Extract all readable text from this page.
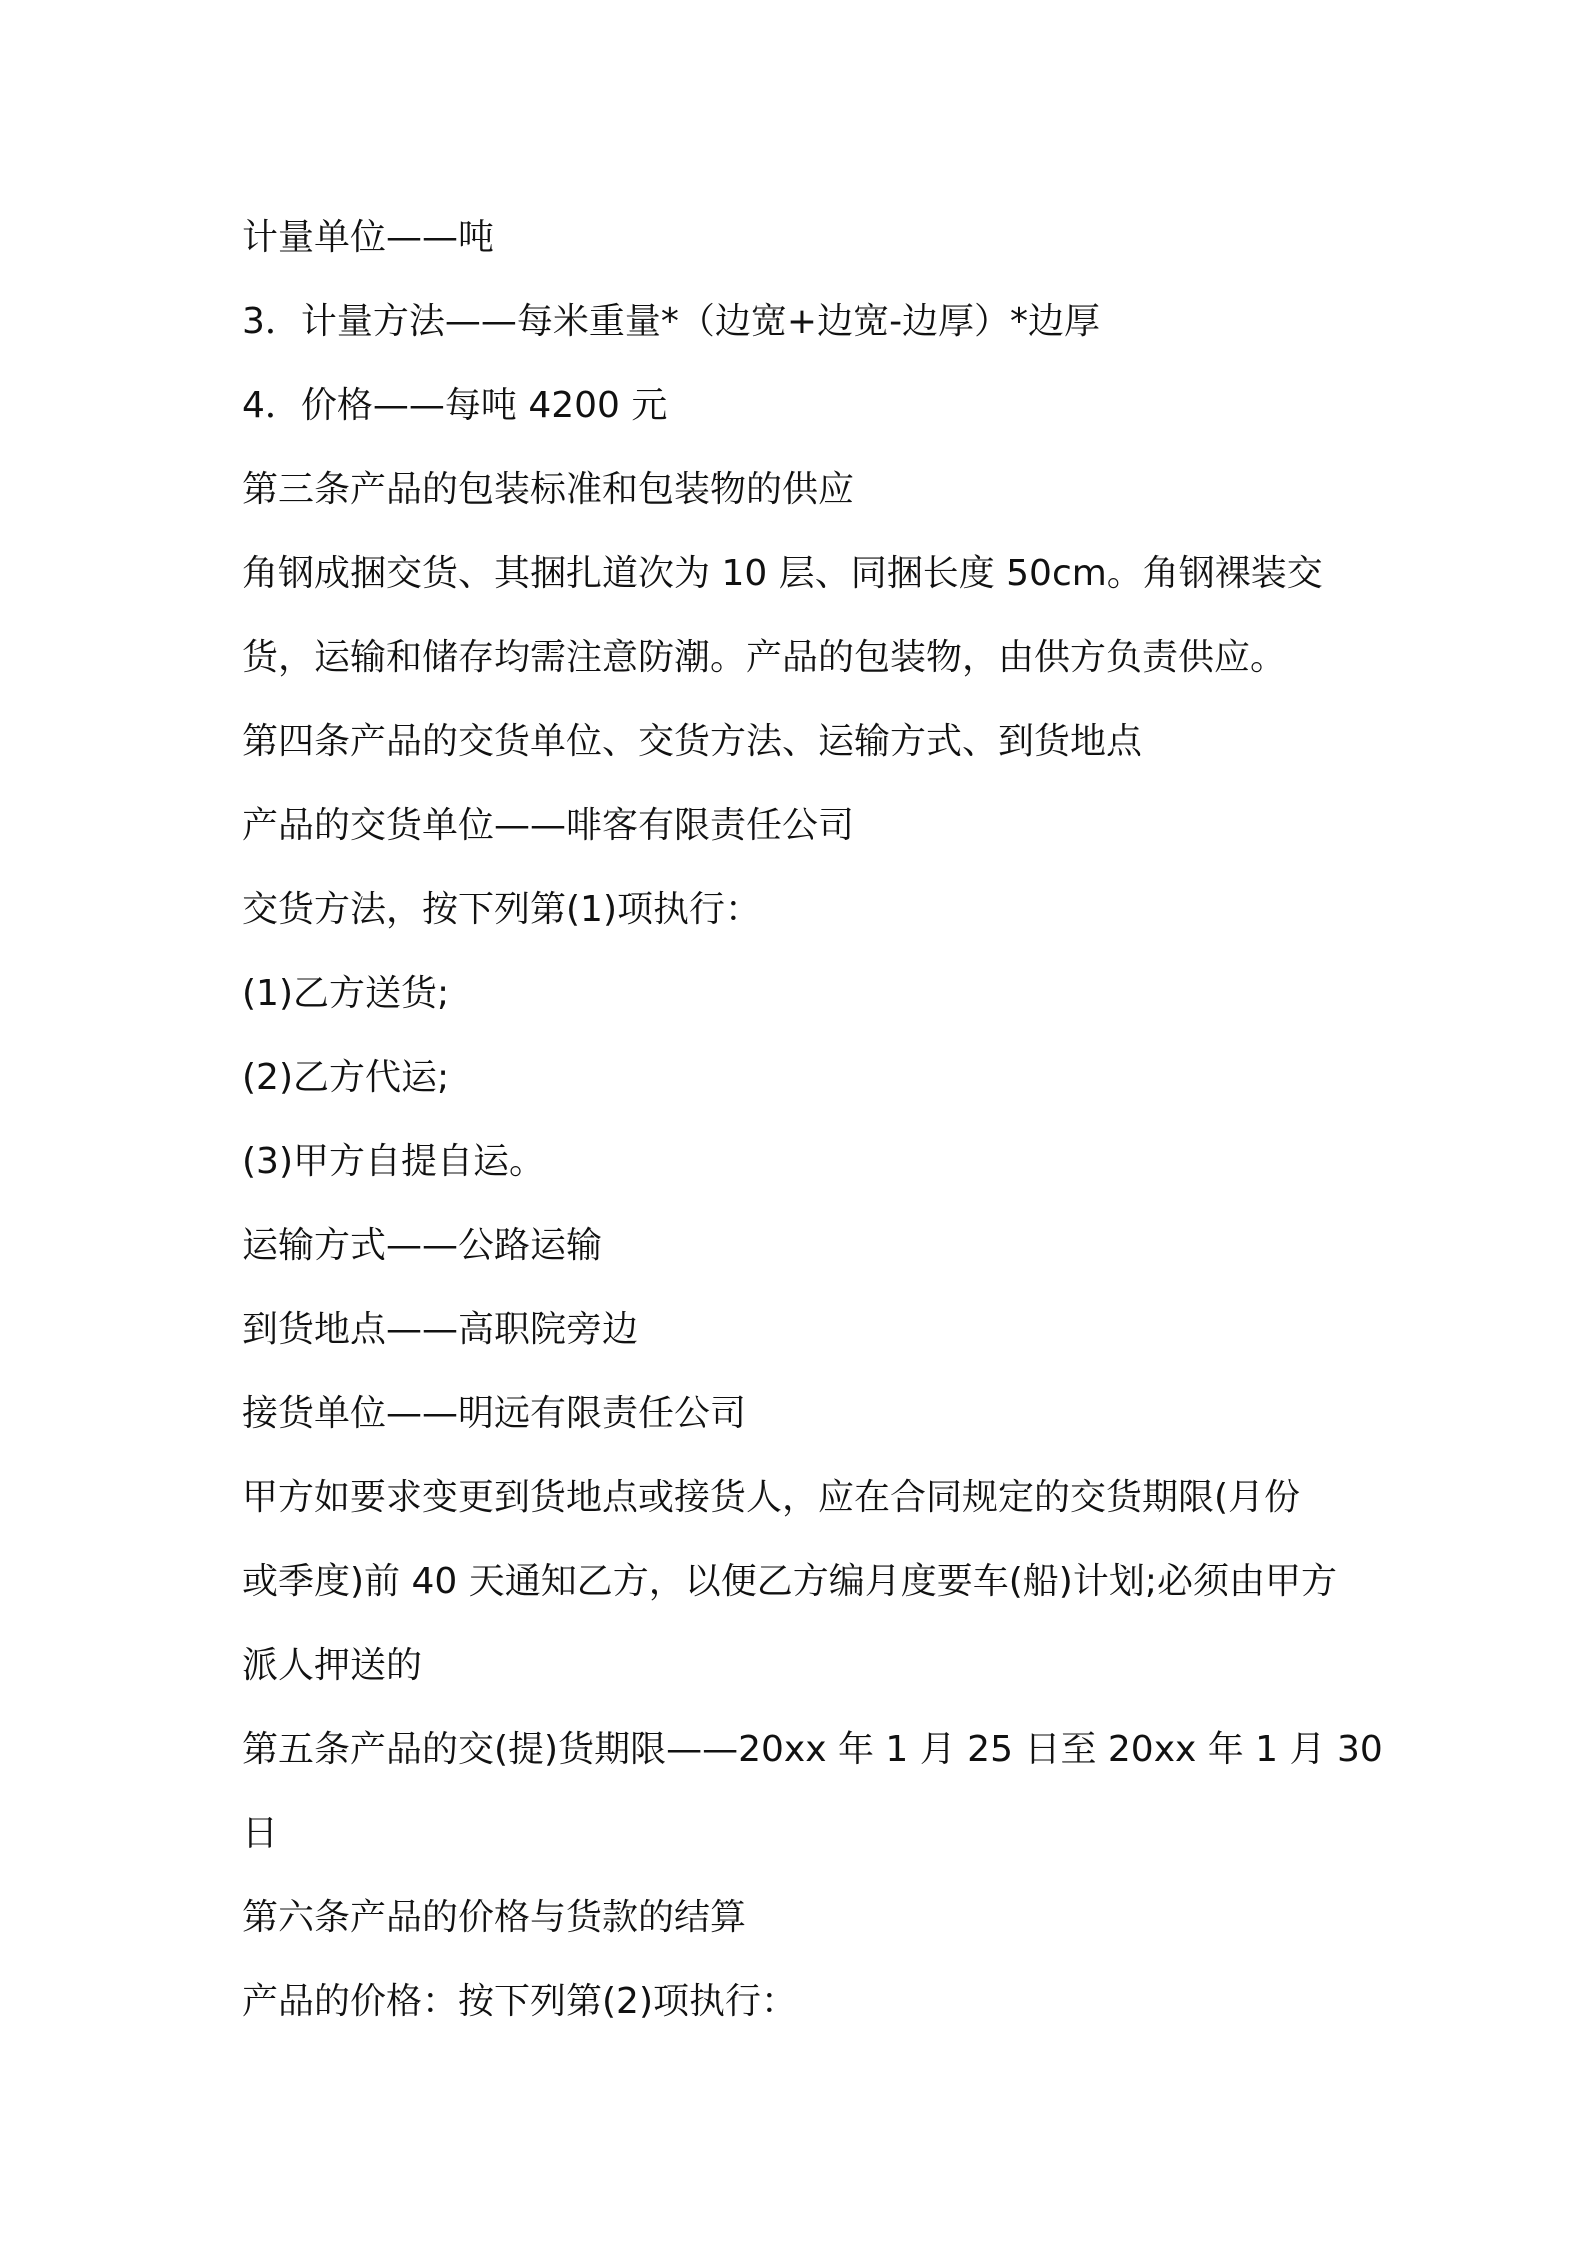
计量单位——吨

3．计量方法——每米重量*（边宽+边宽-边厚）*边厚

4．价格——每吨 4200 元

第三条产品的包装标准和包装物的供应

角钢成捆交货、其捆扎道次为 10 层、同捆长度 50cm。角钢裸装交

货，运输和储存均需注意防潮。产品的包装物，由供方负责供应。

第四条产品的交货单位、交货方法、运输方式、到货地点

产品的交货单位——啡客有限责任公司

交货方法，按下列第(1)项执行：

(1)乙方送货;

(2)乙方代运;

(3)甲方自提自运。

运输方式——公路运输

到货地点——高职院旁边

接货单位——明远有限责任公司

甲方如要求变更到货地点或接货人，应在合同规定的交货期限(月份

或季度)前 40 天通知乙方，以便乙方编月度要车(船)计划;必须由甲方

派人押送的

第五条产品的交(提)货期限——20xx 年 1 月 25 日至 20xx 年 1 月 30

日

第六条产品的价格与货款的结算

产品的价格：按下列第(2)项执行：
